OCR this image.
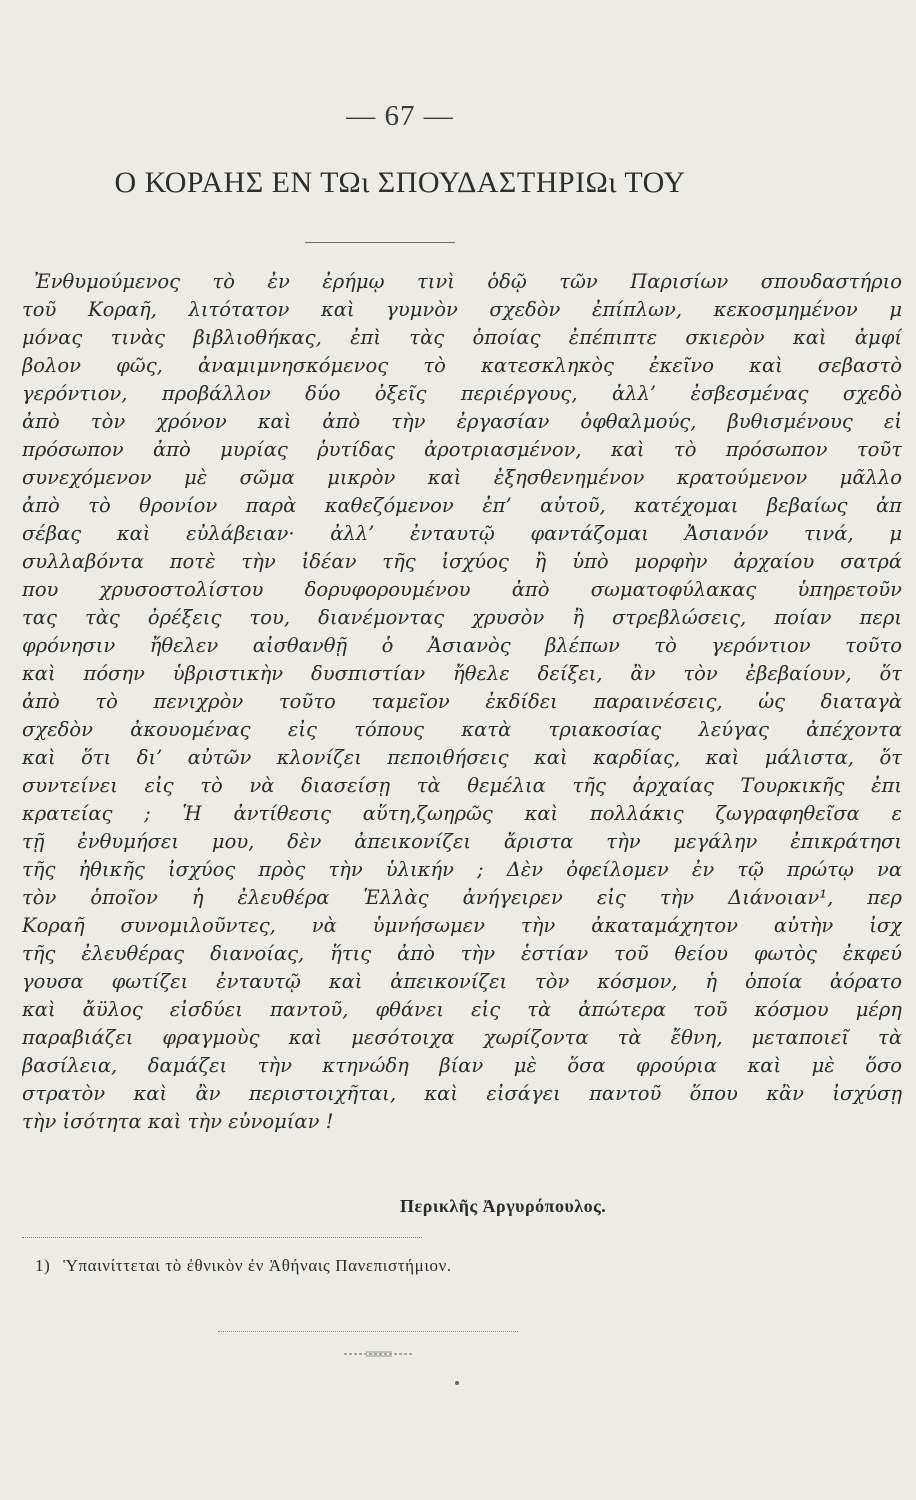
— 67 —
Ο ΚΟΡΑΗΣ ΕΝ ΤΩι ΣΠΟΥΔΑΣΤΗΡΙΩι ΤΟΥ
Ἐνθυμούμενος τὸ ἐν ἐρήμῳ τινὶ ὁδῷ τῶν Παρισίων σπουδαστήριο
τοῦ Κοραῆ, λιτότατον καὶ γυμνὸν σχεδὸν ἐπίπλων, κεκοσμημένον μ
μόνας τινὰς βιβλιοθήκας, ἐπὶ τὰς ὁποίας ἐπέπιπτε σκιερὸν καὶ ἀμφί
βολον φῶς, ἀναμιμνησκόμενος τὸ κατεσκληκὸς ἐκεῖνο καὶ σεβαστὸ
γερόντιον, προβάλλον δύο ὀξεῖς περιέργους, ἀλλ’ ἐσβεσμένας σχεδὸ
ἀπὸ τὸν χρόνον καὶ ἀπὸ τὴν ἐργασίαν ὀφθαλμούς, βυθισμένους εἰ
πρόσωπον ἀπὸ μυρίας ῥυτίδας ἀροτριασμένον, καὶ τὸ πρόσωπον τοῦτ
συνεχόμενον μὲ σῶμα μικρὸν καὶ ἐξησθενημένον κρατούμενον μᾶλλο
ἀπὸ τὸ θρονίον παρὰ καθεζόμενον ἐπ’ αὐτοῦ, κατέχομαι βεβαίως ἀπ
σέβας καὶ εὐλάβειαν· ἀλλ’ ἐνταυτῷ φαντάζομαι Ἀσιανόν τινά, μ
συλλαβόντα ποτὲ τὴν ἰδέαν τῆς ἰσχύος ἢ ὑπὸ μορφὴν ἀρχαίου σατρά
που χρυσοστολίστου δορυφορουμένου ἀπὸ σωματοφύλακας ὑπηρετοῦν
τας τὰς ὀρέξεις του, διανέμοντας χρυσὸν ἢ στρεβλώσεις, ποίαν περι
φρόνησιν ἤθελεν αἰσθανθῇ ὁ Ἀσιανὸς βλέπων τὸ γερόντιον τοῦτο
καὶ πόσην ὑβριστικὴν δυσπιστίαν ἤθελε δείξει, ἂν τὸν ἐβεβαίουν, ὅτ
ἀπὸ τὸ πενιχρὸν τοῦτο ταμεῖον ἐκδίδει παραινέσεις, ὡς διαταγὰ
σχεδὸν ἀκουομένας εἰς τόπους κατὰ τριακοσίας λεύγας ἀπέχοντα
καὶ ὅτι δι’ αὐτῶν κλονίζει πεποιθήσεις καὶ καρδίας, καὶ μάλιστα, ὅτ
συντείνει εἰς τὸ νὰ διασείσῃ τὰ θεμέλια τῆς ἀρχαίας Τουρκικῆς ἐπι
κρατείας ; Ἡ ἀντίθεσις αὕτη,ζωηρῶς καὶ πολλάκις ζωγραφηθεῖσα ε
τῇ ἐνθυμήσει μου, δὲν ἀπεικονίζει ἄριστα τὴν μεγάλην ἐπικράτησι
τῆς ἠθικῆς ἰσχύος πρὸς τὴν ὑλικήν ; Δὲν ὀφείλομεν ἐν τῷ πρώτῳ να
τὸν ὁποῖον ἡ ἐλευθέρα Ἑλλὰς ἀνήγειρεν εἰς τὴν Διάνοιαν¹, περ
Κοραῆ συνομιλοῦντες, νὰ ὑμνήσωμεν τὴν ἀκαταμάχητον αὐτὴν ἰσχ
τῆς ἐλευθέρας διανοίας, ἥτις ἀπὸ τὴν ἑστίαν τοῦ θείου φωτὸς ἐκφεύ
γουσα φωτίζει ἐνταυτῷ καὶ ἀπεικονίζει τὸν κόσμον, ἡ ὁποία ἀόρατο
καὶ ἄϋλος εἰσδύει παντοῦ, φθάνει εἰς τὰ ἀπώτερα τοῦ κόσμου μέρη
παραβιάζει φραγμοὺς καὶ μεσότοιχα χωρίζοντα τὰ ἔθνη, μεταποιεῖ τὰ
βασίλεια, δαμάζει τὴν κτηνώδη βίαν μὲ ὅσα φρούρια καὶ μὲ ὅσο
στρατὸν καὶ ἂν περιστοιχῆται, καὶ εἰσάγει παντοῦ ὅπου κἂν ἰσχύσῃ
τὴν ἰσότητα καὶ τὴν εὐνομίαν !
Περικλῆς Ἀργυρόπουλος.
1) Ὑπαινίττεται τὸ ἐθνικὸν ἐν Ἀθήναις Πανεπιστήμιον.
